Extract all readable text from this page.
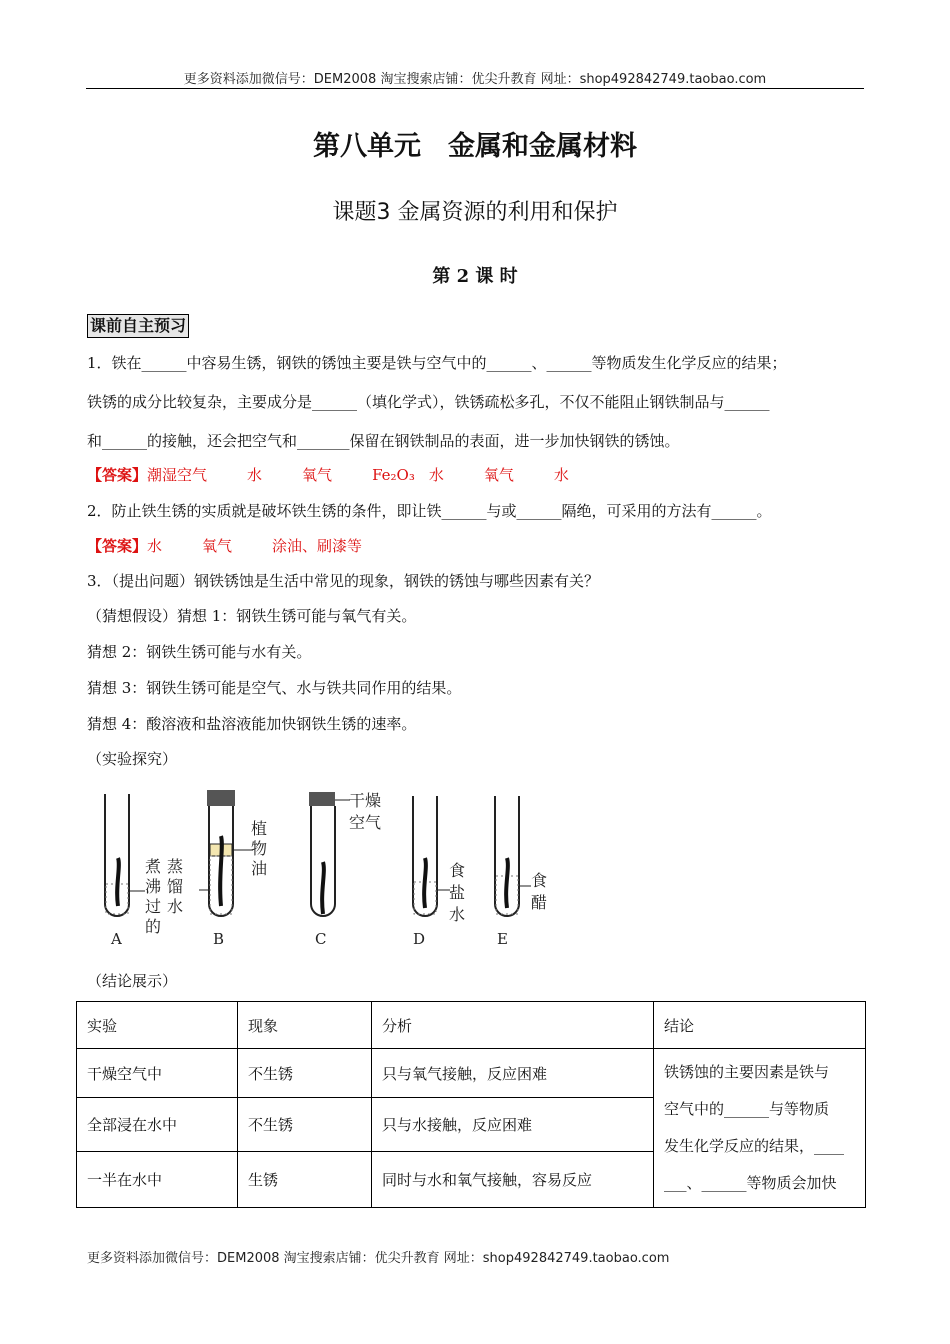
更多资料添加微信号：DEM2008 淘宝搜索店铺：优尖升教育 网址：shop492842749.taobao.com
第八单元　金属和金属材料
课题3 金属资源的利用和保护
第 2 课 时
课前自主预习
1．铁在______中容易生锈，钢铁的锈蚀主要是铁与空气中的______、______等物质发生化学反应的结果；
铁锈的成分比较复杂，主要成分是______（填化学式），铁锈疏松多孔，不仅不能阻止钢铁制品与______
和______的接触，还会把空气和_______保留在钢铁制品的表面，进一步加快钢铁的锈蚀。
【答案】潮湿空气	水	氧气	Fe₂O₃ 水	氧气	水
2．防止铁生锈的实质就是破坏铁生锈的条件，即让铁______与或______隔绝，可采用的方法有______。
【答案】水	氧气	涂油、刷漆等
3．（提出问题）钢铁锈蚀是生活中常见的现象，钢铁的锈蚀与哪些因素有关？
（猜想假设）猜想 1：钢铁生锈可能与氧气有关。
猜想 2：钢铁生锈可能与水有关。
猜想 3：钢铁生锈可能是空气、水与铁共同作用的结果。
猜想 4：酸溶液和盐溶液能加快钢铁生锈的速率。
（实验探究）
煮
沸
过
的
蒸
馏
水
A
植
物
油
B
干燥
空气
C
食
盐
水
D
食
醋
E
（结论展示）
实验	现象	分析	结论
干燥空气中	不生锈	只与氧气接触，反应困难	铁锈蚀的主要因素是铁与
空气中的______与等物质
发生化学反应的结果，____
___、______等物质会加快

全部浸在水中	不生锈	只与水接触，反应困难	
一半在水中	生锈	同时与水和氧气接触，容易反应	
更多资料添加微信号：DEM2008 淘宝搜索店铺：优尖升教育 网址：shop492842749.taobao.com
